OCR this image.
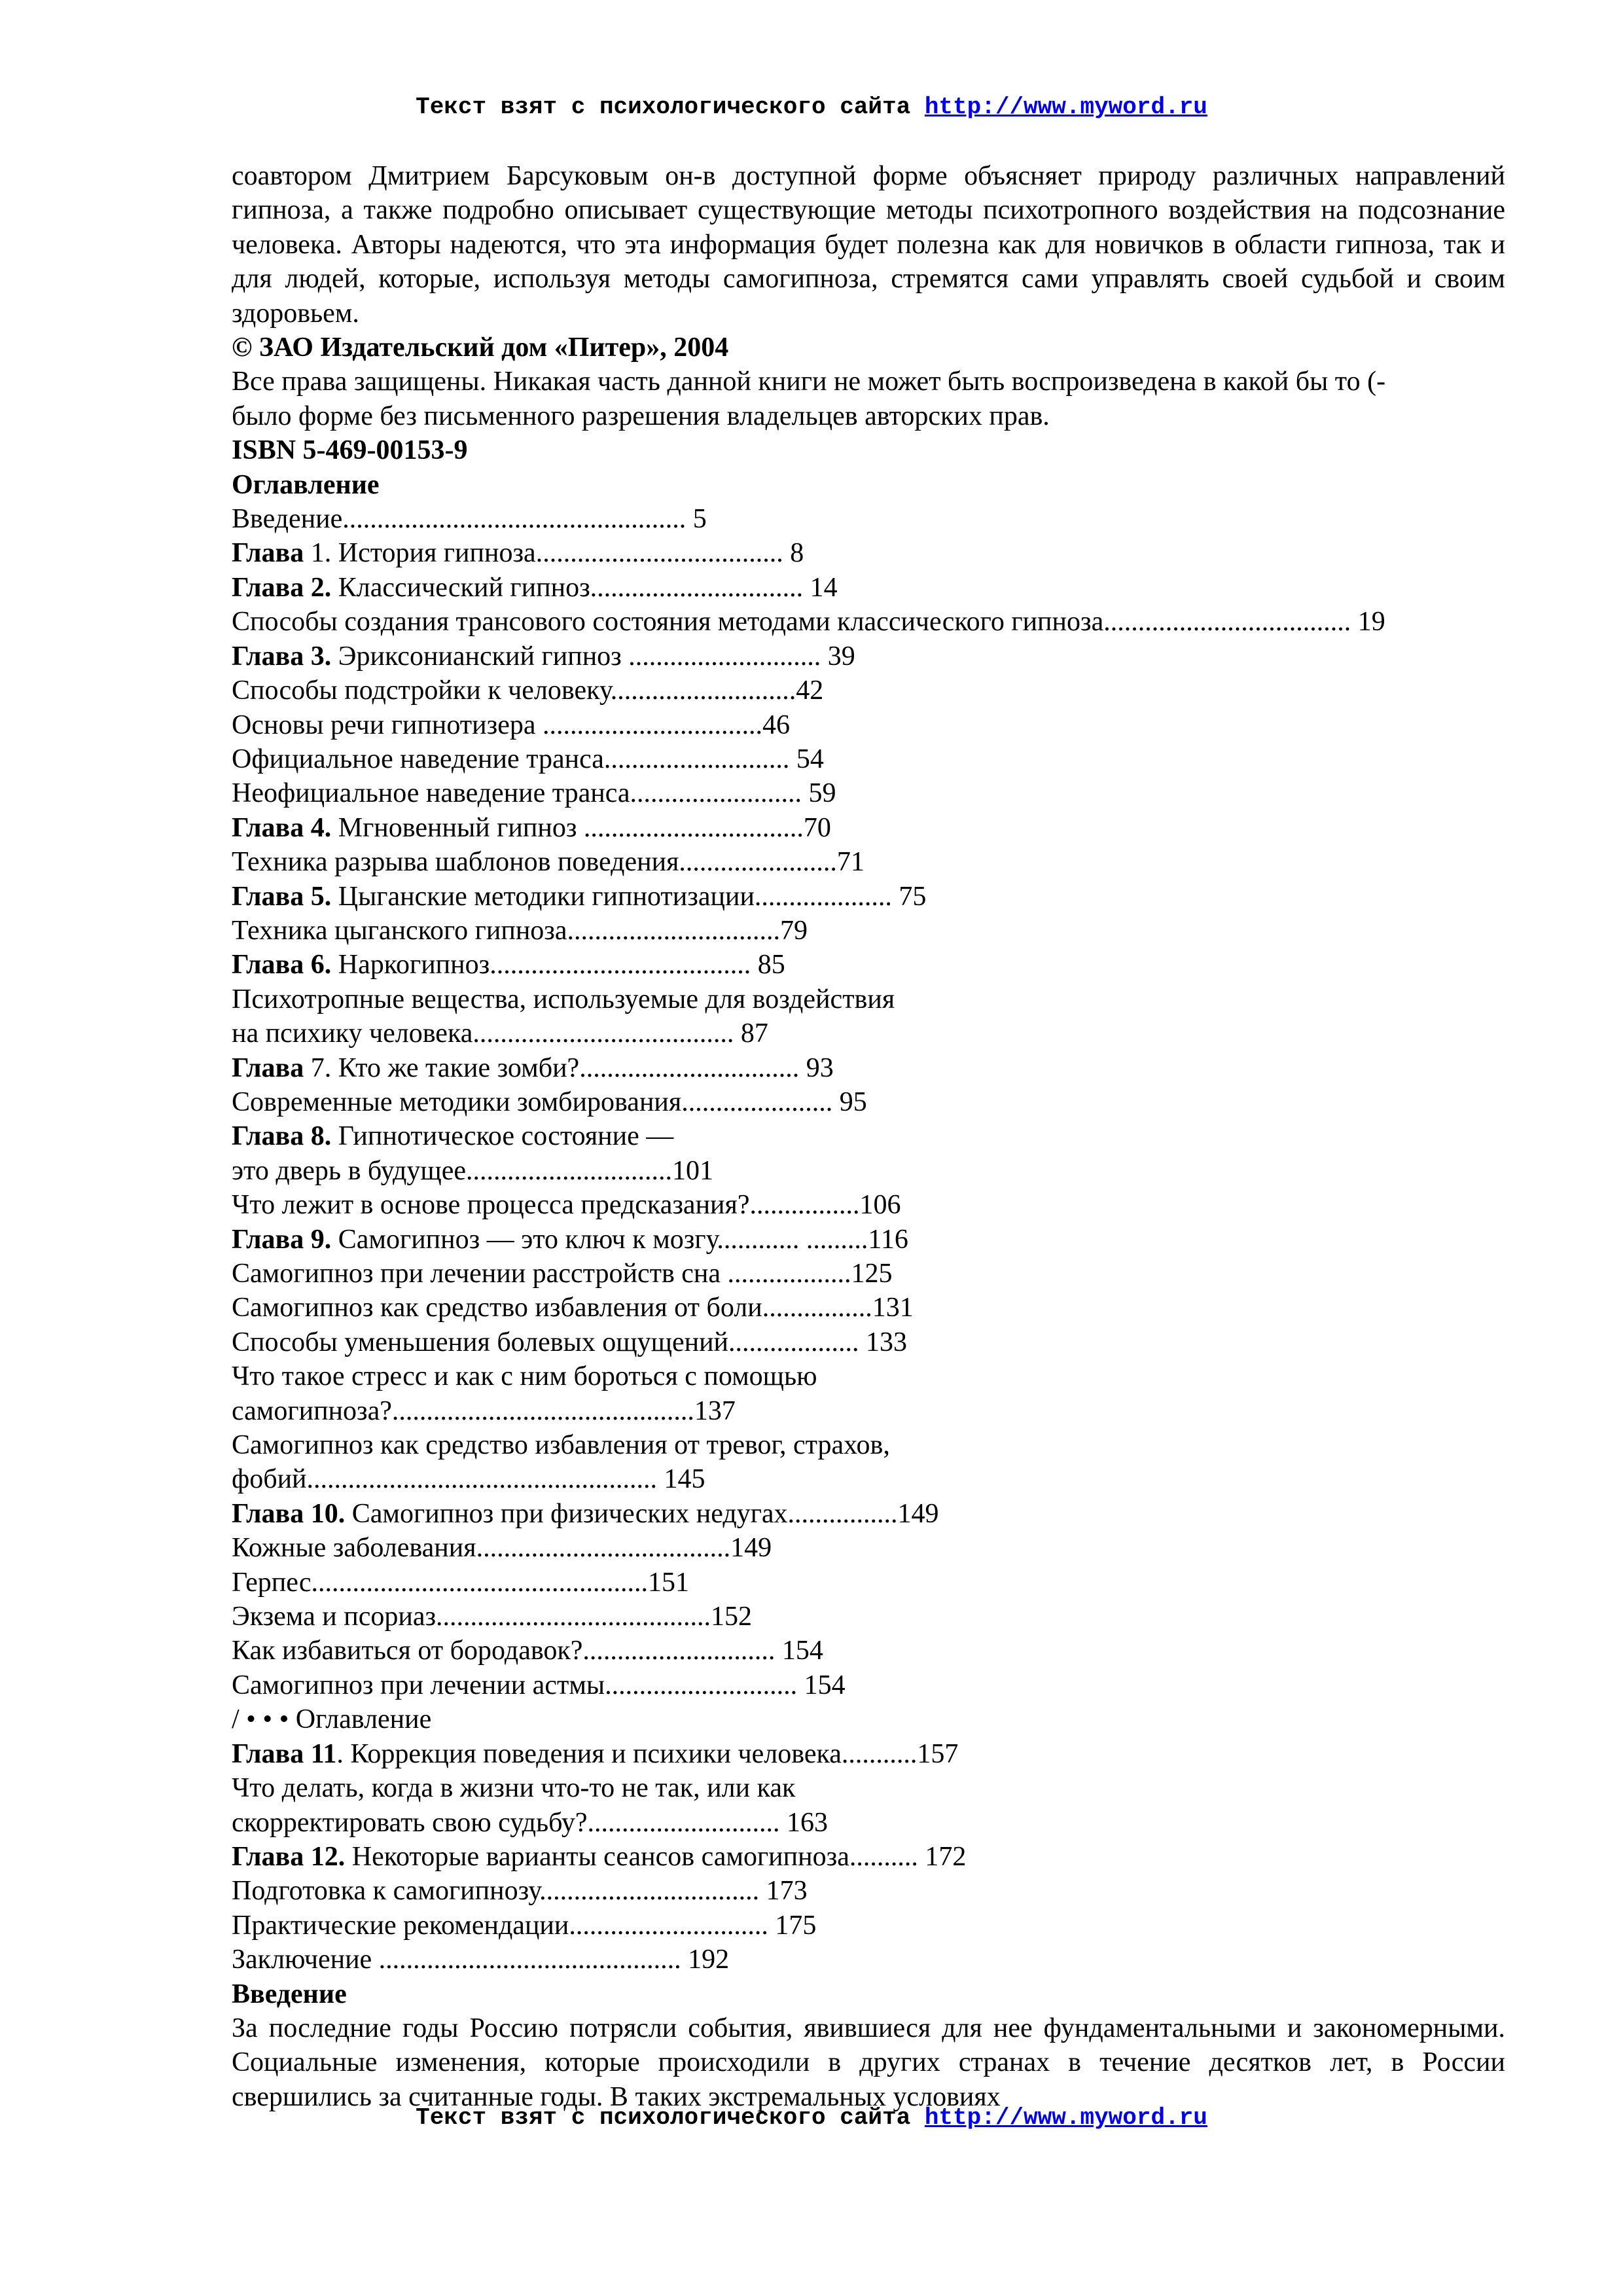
Текст взят с психологического сайта http://www.myword.ru

соавтором Дмитрием Барсуковым он-в доступной форме объясняет природу различных направлений гипноза, а также подробно описывает существующие методы психотропного воздействия на подсознание человека. Авторы надеются, что эта информация будет полезна как для новичков в области гипноза, так и для людей, которые, используя методы самогипноза, стремятся сами управлять своей судьбой и своим здоровьем.

© ЗАО Издательский дом «Питер», 2004

Все права защищены. Никакая часть данной книги не может быть воспроизведена в какой бы то (-

было форме без письменного разрешения владельцев авторских прав.

ISBN 5-469-00153-9

Оглавление

Введение.................................................. 5
Глава 1. История гипноза.................................... 8
Глава 2. Классический гипноз............................... 14
Способы создания трансового состояния методами классического гипноза.................................... 19
Глава 3. Эриксонианский гипноз ............................ 39
Способы подстройки к человеку...........................42
Основы речи гипнотизера ................................46
Официальное наведение транса........................... 54
Неофициальное наведение транса......................... 59
Глава 4. Мгновенный гипноз ................................70
Техника разрыва шаблонов поведения.......................71
Глава 5. Цыганские методики гипнотизации.................... 75
Техника цыганского гипноза...............................79
Глава 6. Наркогипноз...................................... 85
Психотропные вещества, используемые для воздействия
на психику человека...................................... 87
Глава 7. Кто же такие зомби?................................ 93
Современные методики зомбирования...................... 95
Глава 8. Гипнотическое состояние —
это дверь в будущее..............................101
Что лежит в основе процесса предсказания?................106
Глава 9. Самогипноз — это ключ к мозгу............ .........116
Самогипноз при лечении расстройств сна ..................125
Самогипноз как средство избавления от боли................131
Способы уменьшения болевых ощущений................... 133
Что такое стресс и как с ним бороться с помощью
самогипноза?............................................137
Самогипноз как средство избавления от тревог, страхов,
фобий................................................... 145
Глава 10. Самогипноз при физических недугах................149
Кожные заболевания.....................................149
Герпес.................................................151
Экзема и псориаз........................................152
Как избавиться от бородавок?............................ 154
Самогипноз при лечении астмы............................ 154

/ • • • Оглавление

Глава 11. Коррекция поведения и психики человека...........157
Что делать, когда в жизни что-то не так, или как
скорректировать свою судьбу?............................ 163
Глава 12. Некоторые варианты сеансов самогипноза.......... 172
Подготовка к самогипнозу................................ 173
Практические рекомендации............................. 175
Заключение ............................................ 192

Введение

За последние годы Россию потрясли события, явившиеся для нее фундаментальными и закономерными. Социальные изменения, которые происходили в других странах в течение десятков лет, в России свершились за считанные годы. В таких экстремальных условиях

Текст взят с психологического сайта http://www.myword.ru
